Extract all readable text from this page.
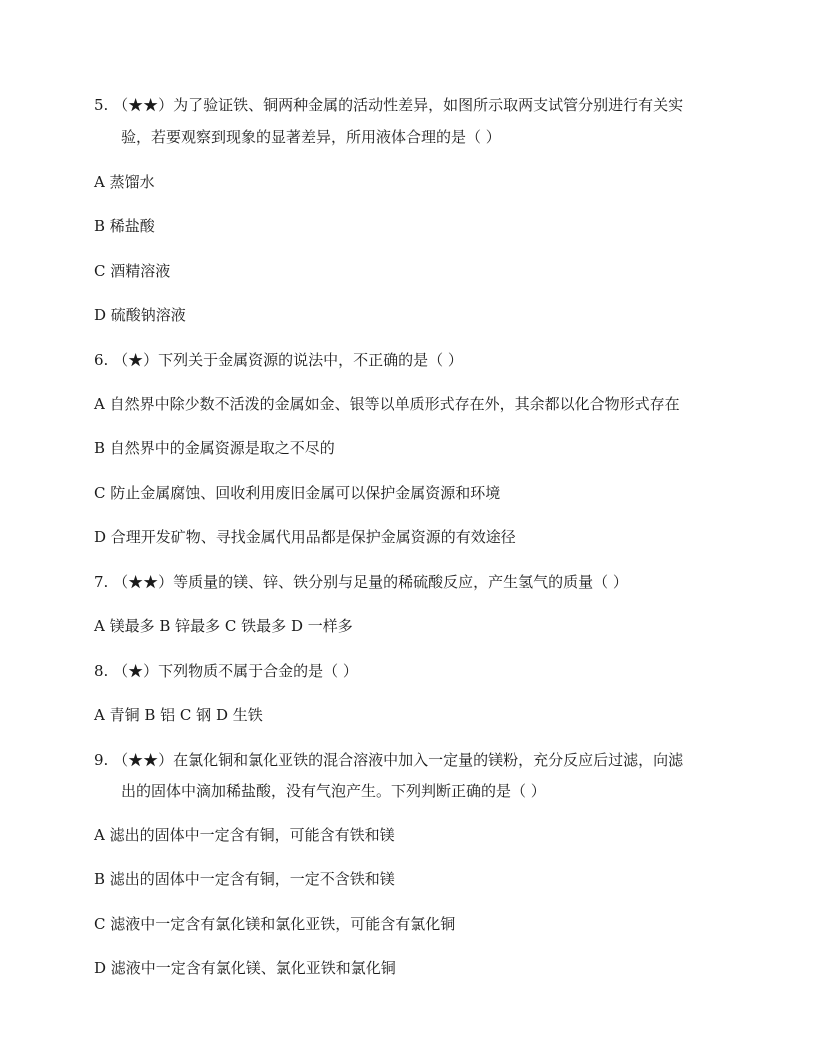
5. （★★）为了验证铁、铜两种金属的活动性差异，如图所示取两支试管分别进行有关实
验，若要观察到现象的显著差异，所用液体合理的是（ ）
A 蒸馏水
B 稀盐酸
C 酒精溶液
D 硫酸钠溶液
6. （★）下列关于金属资源的说法中，不正确的是（ ）
A 自然界中除少数不活泼的金属如金、银等以单质形式存在外，其余都以化合物形式存在
B 自然界中的金属资源是取之不尽的
C 防止金属腐蚀、回收利用废旧金属可以保护金属资源和环境
D 合理开发矿物、寻找金属代用品都是保护金属资源的有效途径
7. （★★）等质量的镁、锌、铁分别与足量的稀硫酸反应，产生氢气的质量（ ）
A 镁最多 B 锌最多 C 铁最多 D 一样多
8. （★）下列物质不属于合金的是（ ）
A 青铜 B 铝 C 钢 D 生铁
9. （★★）在氯化铜和氯化亚铁的混合溶液中加入一定量的镁粉，充分反应后过滤，向滤
出的固体中滴加稀盐酸，没有气泡产生。下列判断正确的是（ ）
A 滤出的固体中一定含有铜，可能含有铁和镁
B 滤出的固体中一定含有铜，一定不含铁和镁
C 滤液中一定含有氯化镁和氯化亚铁，可能含有氯化铜
D 滤液中一定含有氯化镁、氯化亚铁和氯化铜
